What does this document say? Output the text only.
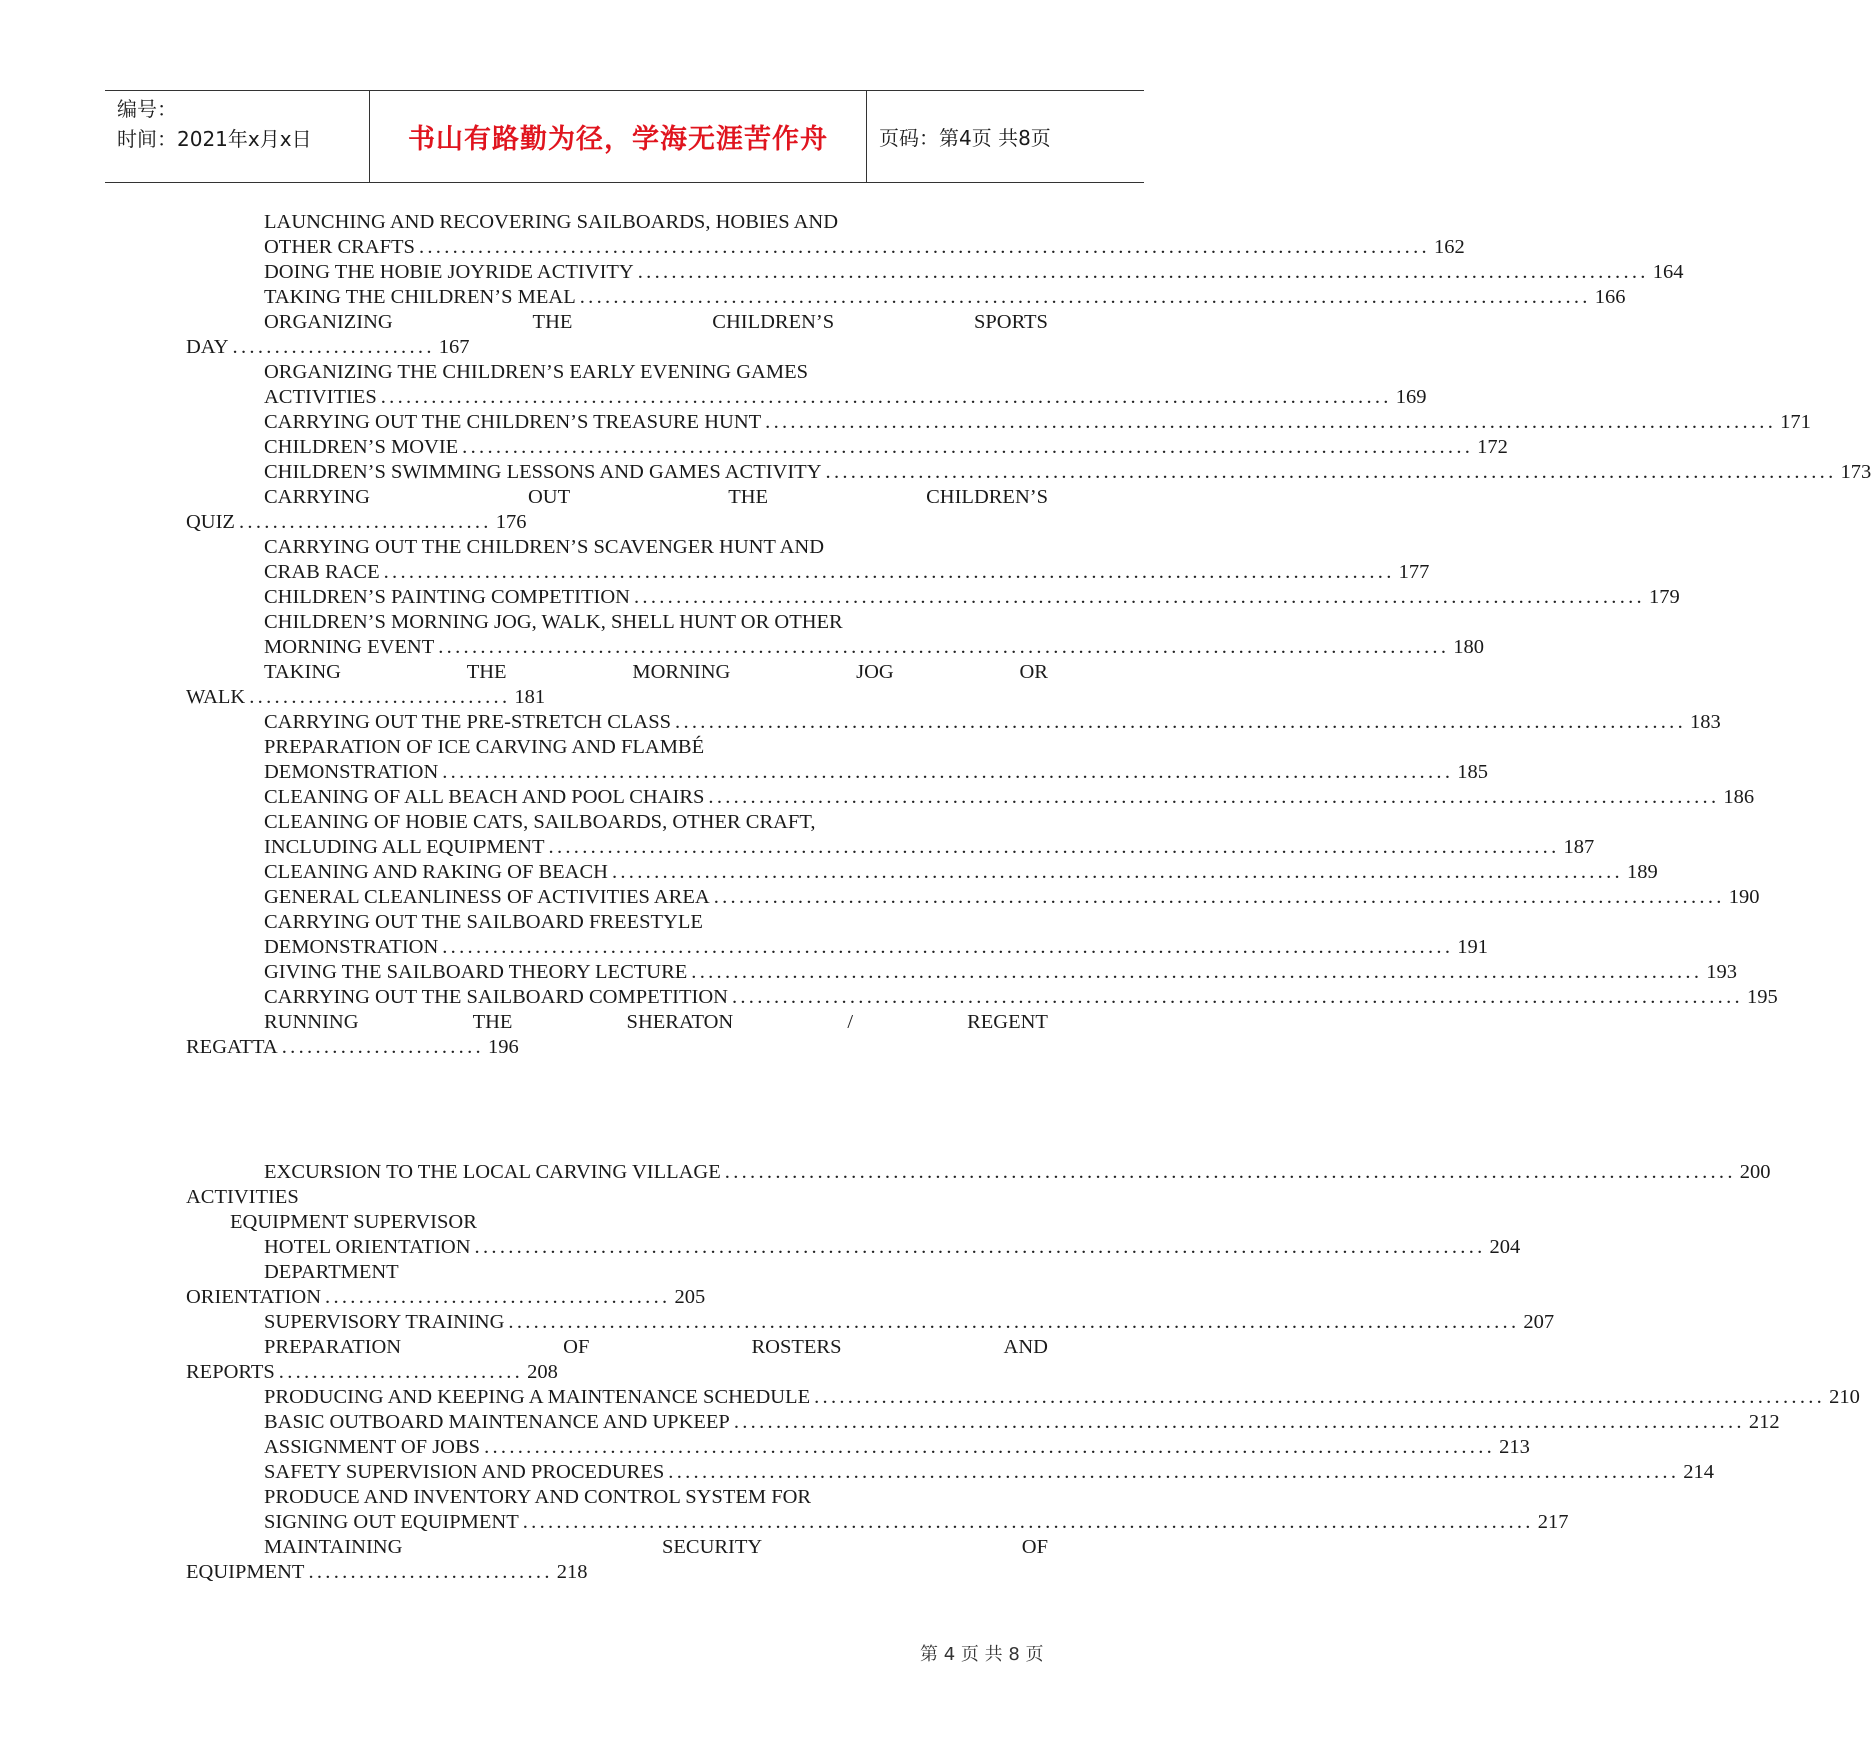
编号：
时间：2021年x月x日	书山有路勤为径，学海无涯苦作舟	页码：第4页 共8页
LAUNCHING AND RECOVERING SAILBOARDS, HOBIES AND
OTHER CRAFTS ........................................................................................................................ 162
DOING THE HOBIE JOYRIDE ACTIVITY ........................................................................................................................ 164
TAKING THE CHILDREN’S MEAL ........................................................................................................................ 166
ORGANIZING	THE	CHILDREN’S	SPORTS
DAY ........................ 167
ORGANIZING THE CHILDREN’S EARLY EVENING GAMES
ACTIVITIES ........................................................................................................................ 169
CARRYING OUT THE CHILDREN’S TREASURE HUNT ........................................................................................................................ 171
CHILDREN’S MOVIE ........................................................................................................................ 172
CHILDREN’S SWIMMING LESSONS AND GAMES ACTIVITY ........................................................................................................................ 173
CARRYING	OUT	THE	CHILDREN’S
QUIZ .............................. 176
CARRYING OUT THE CHILDREN’S SCAVENGER HUNT AND
CRAB RACE ........................................................................................................................ 177
CHILDREN’S PAINTING COMPETITION ........................................................................................................................ 179
CHILDREN’S MORNING JOG, WALK, SHELL HUNT OR OTHER
MORNING EVENT ........................................................................................................................ 180
TAKING	THE	MORNING	JOG	OR
WALK ............................... 181
CARRYING OUT THE PRE-STRETCH CLASS ........................................................................................................................ 183
PREPARATION OF ICE CARVING AND FLAMBÉ
DEMONSTRATION ........................................................................................................................ 185
CLEANING OF ALL BEACH AND POOL CHAIRS ........................................................................................................................ 186
CLEANING OF HOBIE CATS, SAILBOARDS, OTHER CRAFT,
INCLUDING ALL EQUIPMENT ........................................................................................................................ 187
CLEANING AND RAKING OF BEACH ........................................................................................................................ 189
GENERAL CLEANLINESS OF ACTIVITIES AREA ........................................................................................................................ 190
CARRYING OUT THE SAILBOARD FREESTYLE
DEMONSTRATION ........................................................................................................................ 191
GIVING THE SAILBOARD THEORY LECTURE ........................................................................................................................ 193
CARRYING OUT THE SAILBOARD COMPETITION ........................................................................................................................ 195
RUNNING	THE	SHERATON	/	REGENT
REGATTA ........................ 196
EXCURSION TO THE LOCAL CARVING VILLAGE ........................................................................................................................ 200
ACTIVITIES
EQUIPMENT SUPERVISOR
HOTEL ORIENTATION ........................................................................................................................ 204
DEPARTMENT
ORIENTATION ......................................... 205
SUPERVISORY TRAINING ........................................................................................................................ 207
PREPARATION	OF	ROSTERS	AND
REPORTS ............................. 208
PRODUCING AND KEEPING A MAINTENANCE SCHEDULE ........................................................................................................................ 210
BASIC OUTBOARD MAINTENANCE AND UPKEEP ........................................................................................................................ 212
ASSIGNMENT OF JOBS ........................................................................................................................ 213
SAFETY SUPERVISION AND PROCEDURES ........................................................................................................................ 214
PRODUCE AND INVENTORY AND CONTROL SYSTEM FOR
SIGNING OUT EQUIPMENT ........................................................................................................................ 217
MAINTAINING	SECURITY	OF
EQUIPMENT ............................. 218
第 4 页 共 8 页
